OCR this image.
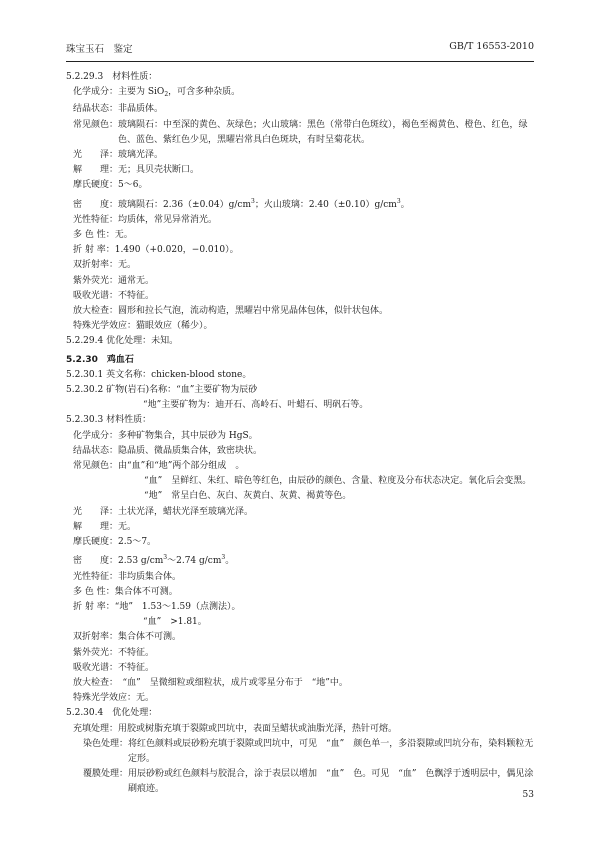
珠宝玉石　鉴定	GB/T 16553-2010
5.2.29.3　材料性质：
化学成分：主要为 SiO$_2$，可含多种杂质。
结晶状态：非晶质体。
常见颜色： 玻璃陨石：中至深的黄色、灰绿色；火山玻璃：黑色（常带白色斑纹），褐色至褐黄色、橙色、红色，绿色、蓝色、紫红色少见，黑曜岩常具白色斑块，有时呈菊花状。
光　　泽：玻璃光泽。
解　　理：无；具贝壳状断口。
摩氏硬度：5～6。
密　　度：玻璃陨石：$2.36(\pm 0.04)g/cm^3$；火山玻璃：$2.40(\pm 0.10)g/cm^3$。
光性特征：均质体，常见异常消光。
多 色 性：无。
折 射 率：1.490（+0.020，−0.010）。
双折射率：无。
紫外荧光：通常无。
吸收光谱：不特征。
放大检查：圆形和拉长气泡，流动构造，黑曜岩中常见晶体包体，似针状包体。
特殊光学效应：猫眼效应（稀少）。
5.2.29.4 优化处理：未知。
5.2.30　鸡血石
5.2.30.1 英文名称：chicken-blood stone。
5.2.30.2 矿物(岩石)名称：“血”主要矿物为辰砂
“地”主要矿物为：迪开石、高岭石、叶蜡石、明矾石等。
5.2.30.3 材料性质：
化学成分：多种矿物集合，其中辰砂为 HgS。
结晶状态：隐晶质、微晶质集合体，致密块状。
常见颜色：由“血”和“地”两个部分组成　。
“血”　 呈鲜红、朱红、暗色等红色，由辰砂的颜色、含量、粒度及分布状态决定。氧化后会变黑。
“地”　常呈白色、灰白、灰黄白、灰黄、褐黄等色。
光　　泽：土状光泽，蜡状光泽至玻璃光泽。
解　　理：无。
摩氏硬度：2.5～7。
密　　度：2.53 $g/cm^3\sim 2.74$ $g/cm^3$。
光性特征：非均质集合体。
多 色 性：集合体不可测。
折 射 率：“地”　1.53～1.59（点测法）。
“血”　>1.81。
双折射率：集合体不可测。
紫外荧光：不特征。
吸收光谱：不特征。
放大检查：　“血”　呈微细粒或细粒状，成片或零星分布于　“地”中。
特殊光学效应：无。
5.2.30.4　优化处理：
充填处理： 用胶或树脂充填于裂隙或凹坑中，表面呈蜡状或油脂光泽，热针可熔。
染色处理： 将红色颜料或辰砂粉充填于裂隙或凹坑中，可见　“血”　颜色单一，多沿裂隙或凹坑分布，染料颗粒无定形。
覆膜处理： 用辰砂粉或红色颜料与胶混合，涂于表层以增加　“血”　色。可见　“血”　色飘浮于透明层中，偶见涂刷痕迹。
53
